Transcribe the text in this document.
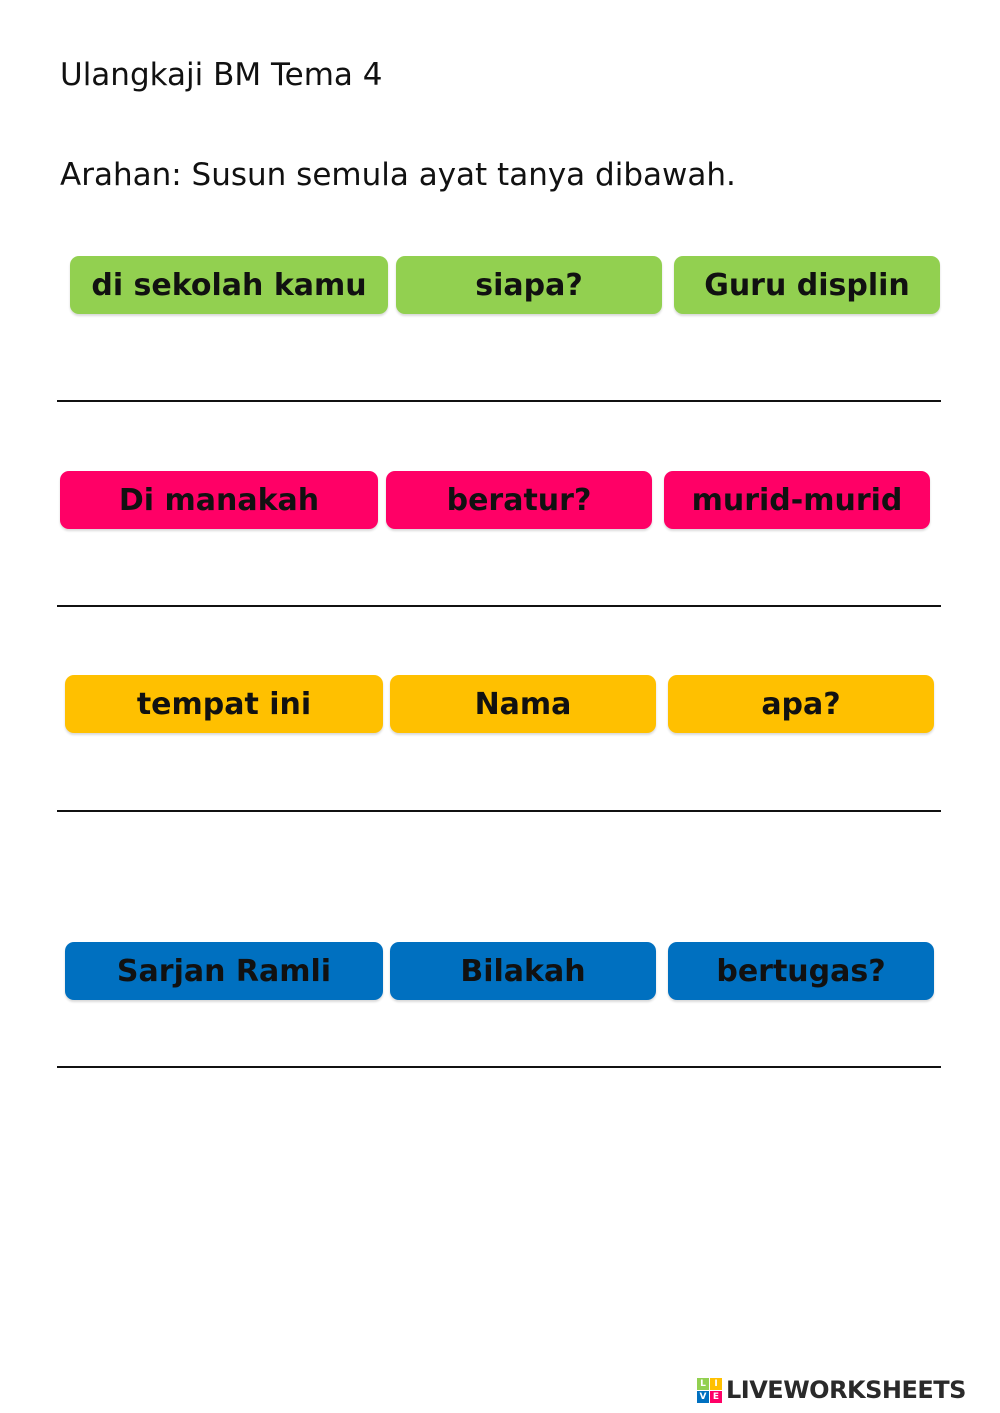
Ulangkaji BM Tema 4
Arahan: Susun semula ayat tanya dibawah.
di sekolah kamu	siapa?	Guru displin
Di manakah	beratur?	murid-murid
tempat ini	Nama	apa?
Sarjan Ramli	Bilakah	bertugas?
L I
V E LIVEWORKSHEETS
